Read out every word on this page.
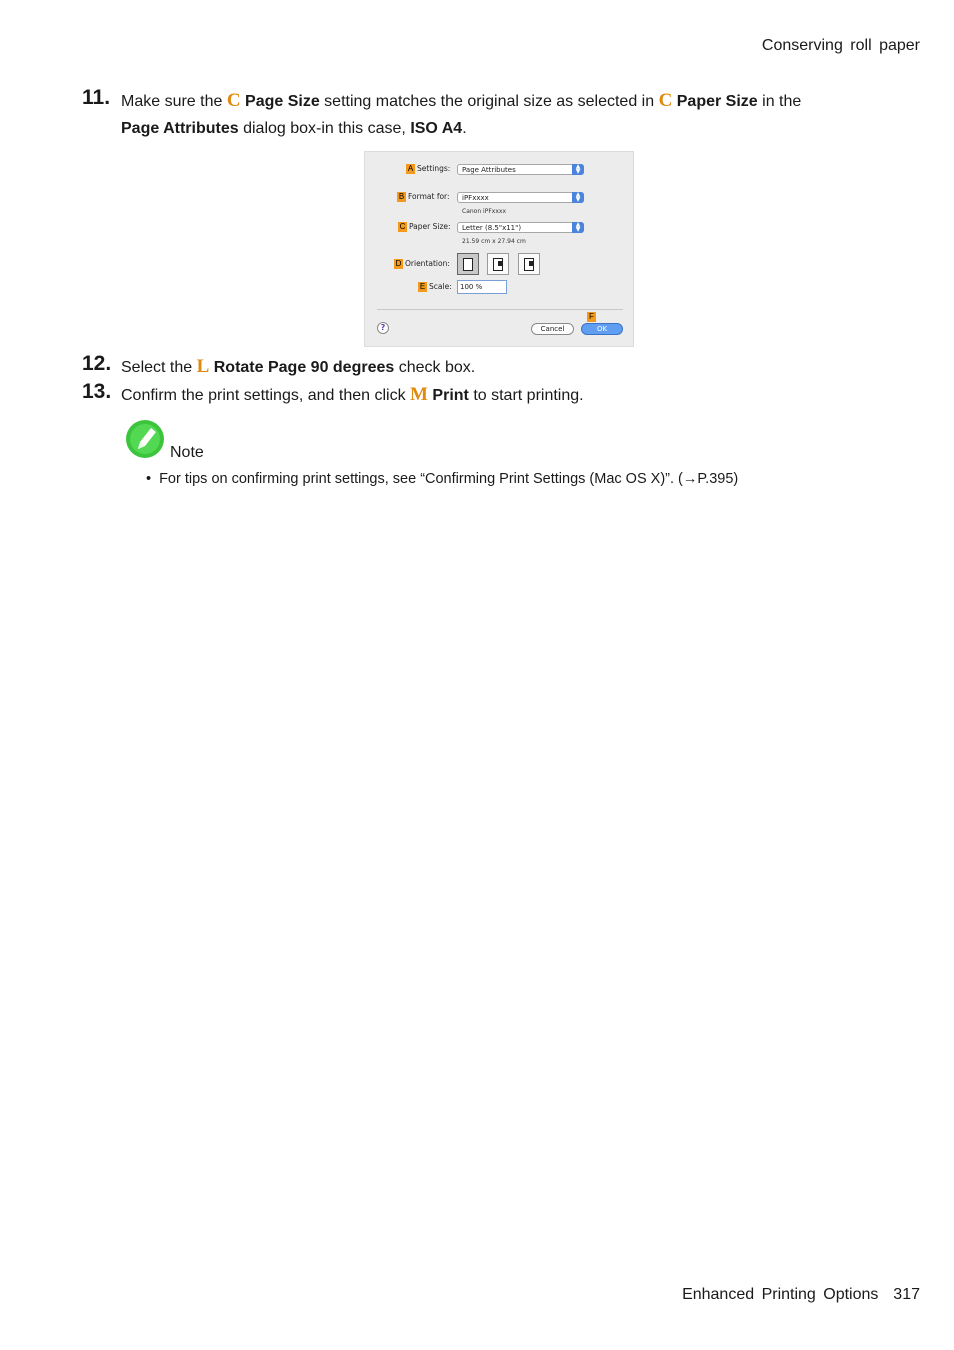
Conserving roll paper
11. Make sure the C Page Size setting matches the original size as selected in C Paper Size in the
Page Attributes dialog box-in this case, ISO A4.
A Settings: Page Attributes	▲
▼
B Format for: iPFxxxx	▲
▼
Canon iPFxxxx
C Paper Size: Letter (8.5"x11")	▲
▼
21.59 cm x 27.94 cm
D Orientation:
E Scale:	100 %
F
?	Cancel	OK
12. Select the L Rotate Page 90 degrees check box.
13. Confirm the print settings, and then click M Print to start printing.
Note
• For tips on confirming print settings, see “Confirming Print Settings (Mac OS X)”. (→P.395)
Enhanced Printing Options 317
